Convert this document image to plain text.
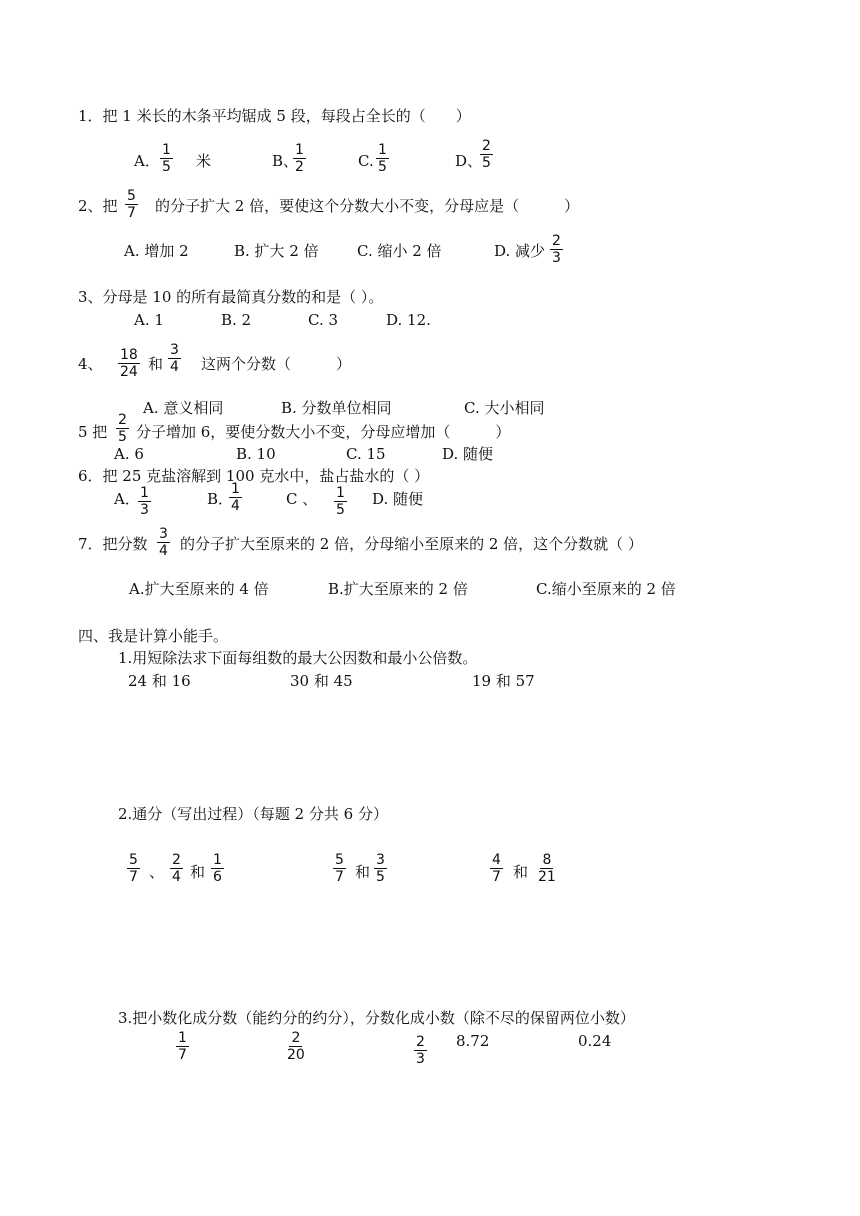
1．把 1 米长的木条平均锯成 5 段，每段占全长的（　　）
A． $\frac{1}{5}$ 米	B、
$\frac{1}{2}$	C. $\frac{1}{5}$	D、
$\frac{2}{5}$
2、把 $\frac{5}{7}$ 的分子扩大 2 倍，要使这个分数大小不变，分母应是（　　　）
A. 增加 2	B. 扩大 2 倍	C. 缩小 2 倍	D. 减少 $\frac{2}{3}$
3、分母是 10 的所有最简真分数的和是（ ）。
A. 1	B. 2	C. 3	D. 12.
4、 $\frac{18}{24}$ 和 $\frac{3}{4}$ 这两个分数（　　　）
A. 意义相同	B. 分数单位相同	C. 大小相同
5 把 $\frac{2}{5}$ 分子增加 6，要使分数大小不变，分母应增加（　　　）
A. 6	B. 10	C. 15	D. 随便
6．把 25 克盐溶解到 100 克水中，盐占盐水的（ ）
A．
$\frac{1}{3}$	B．
$\frac{1}{4}$	C 、 $\frac{1}{5} D$. 随便
7．把分数 $\frac{3}{4}$ 的分子扩大至原来的 2 倍，分母缩小至原来的 2 倍，这个分数就（ ）
A.扩大至原来的 4 倍	B.扩大至原来的 2 倍	C.缩小至原来的 2 倍
四、我是计算小能手。
1.用短除法求下面每组数的最大公因数和最小公倍数。
24 和 16	30 和 45	19 和 57
2.通分（写出过程）（每题 2 分共 6 分）
$\frac{5}{7}$ 、 $\frac{2}{4}$ 和 $\frac{1}{6}$	$\frac{5}{7}$ 和 $\frac{3}{5}$	$\frac{4}{7}$ 和 $\frac{8}{21}$
3.把小数化成分数（能约分的约分），分数化成小数（除不尽的保留两位小数）
$\frac{1}{7}$	$\frac{2}{20}$	$\frac{2}{3} 8.72$	0.24
